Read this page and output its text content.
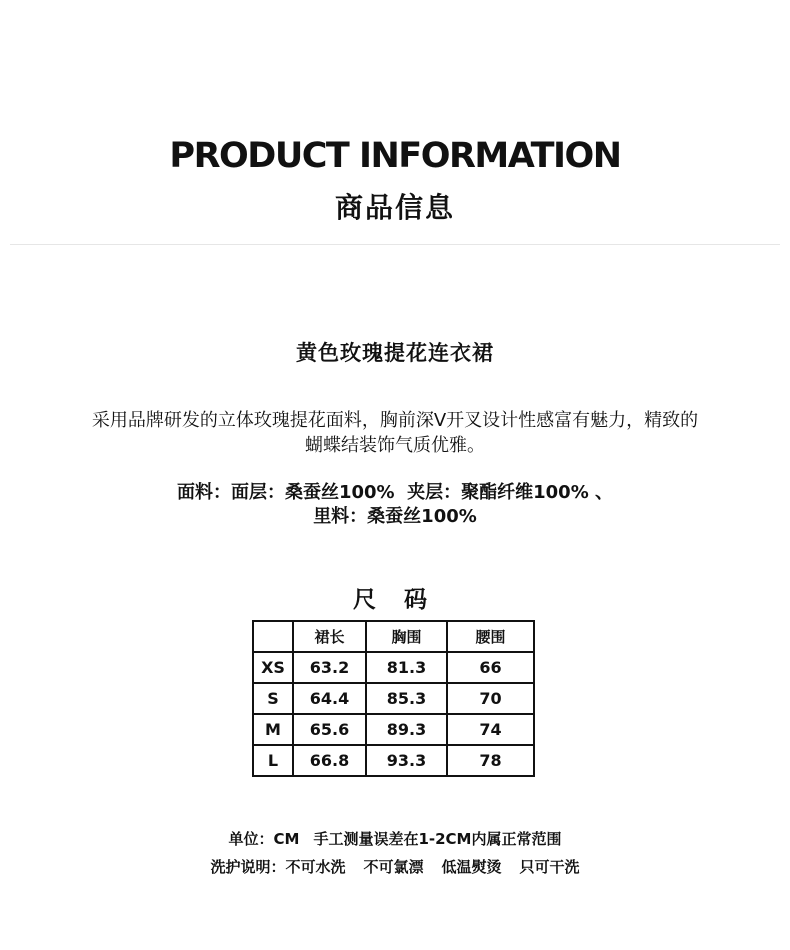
PRODUCT INFORMATION
商品信息
黄色玫瑰提花连衣裙
采用品牌研发的立体玫瑰提花面料，胸前深V开叉设计性感富有魅力，精致的
蝴蝶结装饰气质优雅。
面料：面层：桑蚕丝100%  夹层：聚酯纤维100% 、
里料：桑蚕丝100%
尺 码
	裙长	胸围	腰围
XS	63.2	81.3	66
S	64.4	85.3	70
M	65.6	89.3	74
L	66.8	93.3	78
单位：CM 手工测量误差在1-2CM内属正常范围
洗护说明：不可水洗 不可氯漂 低温熨烫 只可干洗
